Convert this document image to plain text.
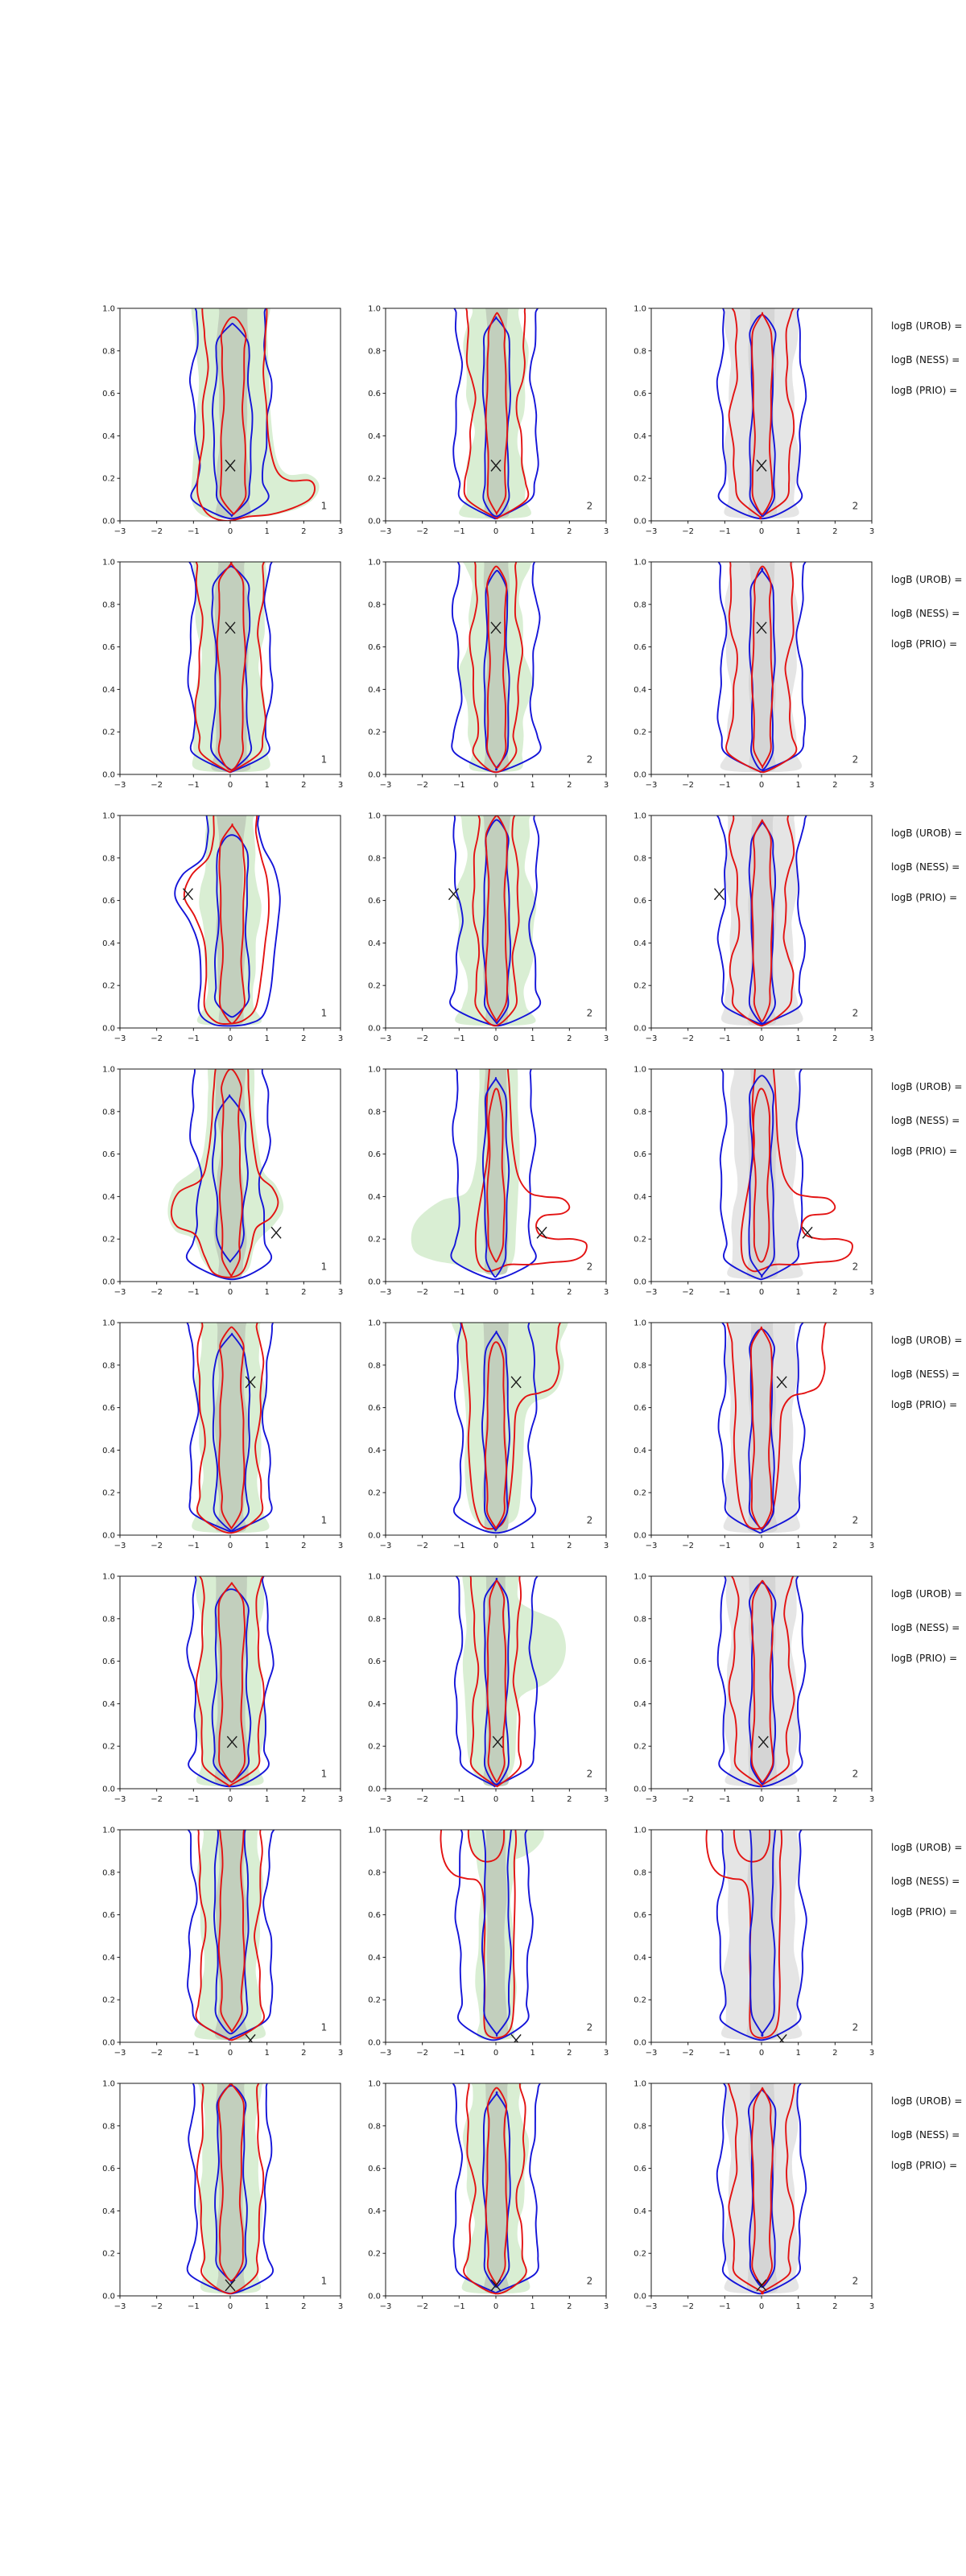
−3	−2	−1	0	1	2	3
0.0
0.2
0.4
0.6
0.8
1.0
1
−3	−2	−1	0	1	2	3
0.0
0.2
0.4
0.6
0.8
1.0
2
−3	−2	−1	0	1	2	3
0.0
0.2
0.4
0.6
0.8
1.0
2
logB (UROB) =
logB (NESS) =
logB (PRIO) =
−3	−2	−1	0	1	2	3
0.0
0.2
0.4
0.6
0.8
1.0
1
−3	−2	−1	0	1	2	3
0.0
0.2
0.4
0.6
0.8
1.0
2
−3	−2	−1	0	1	2	3
0.0
0.2
0.4
0.6
0.8
1.0
2
logB (UROB) =
logB (NESS) =
logB (PRIO) =
−3	−2	−1	0	1	2	3
0.0
0.2
0.4
0.6
0.8
1.0
1
−3	−2	−1	0	1	2	3
0.0
0.2
0.4
0.6
0.8
1.0
2
−3	−2	−1	0	1	2	3
0.0
0.2
0.4
0.6
0.8
1.0
2
logB (UROB) =
logB (NESS) =
logB (PRIO) =
−3	−2	−1	0	1	2	3
0.0
0.2
0.4
0.6
0.8
1.0
1
−3	−2	−1	0	1	2	3
0.0
0.2
0.4
0.6
0.8
1.0
2
−3	−2	−1	0	1	2	3
0.0
0.2
0.4
0.6
0.8
1.0
2
logB (UROB) =
logB (NESS) =
logB (PRIO) =
−3	−2	−1	0	1	2	3
0.0
0.2
0.4
0.6
0.8
1.0
1
−3	−2	−1	0	1	2	3
0.0
0.2
0.4
0.6
0.8
1.0
2
−3	−2	−1	0	1	2	3
0.0
0.2
0.4
0.6
0.8
1.0
2
logB (UROB) =
logB (NESS) =
logB (PRIO) =
−3	−2	−1	0	1	2	3
0.0
0.2
0.4
0.6
0.8
1.0
1
−3	−2	−1	0	1	2	3
0.0
0.2
0.4
0.6
0.8
1.0
2
−3	−2	−1	0	1	2	3
0.0
0.2
0.4
0.6
0.8
1.0
2
logB (UROB) =
logB (NESS) =
logB (PRIO) =
−3	−2	−1	0	1	2	3
0.0
0.2
0.4
0.6
0.8
1.0
1
−3	−2	−1	0	1	2	3
0.0
0.2
0.4
0.6
0.8
1.0
2
−3	−2	−1	0	1	2	3
0.0
0.2
0.4
0.6
0.8
1.0
2
logB (UROB) =
logB (NESS) =
logB (PRIO) =
−3	−2	−1	0	1	2	3
0.0
0.2
0.4
0.6
0.8
1.0
1
−3	−2	−1	0	1	2	3
0.0
0.2
0.4
0.6
0.8
1.0
2
−3	−2	−1	0	1	2	3
0.0
0.2
0.4
0.6
0.8
1.0
2
logB (UROB) =
logB (NESS) =
logB (PRIO) =
